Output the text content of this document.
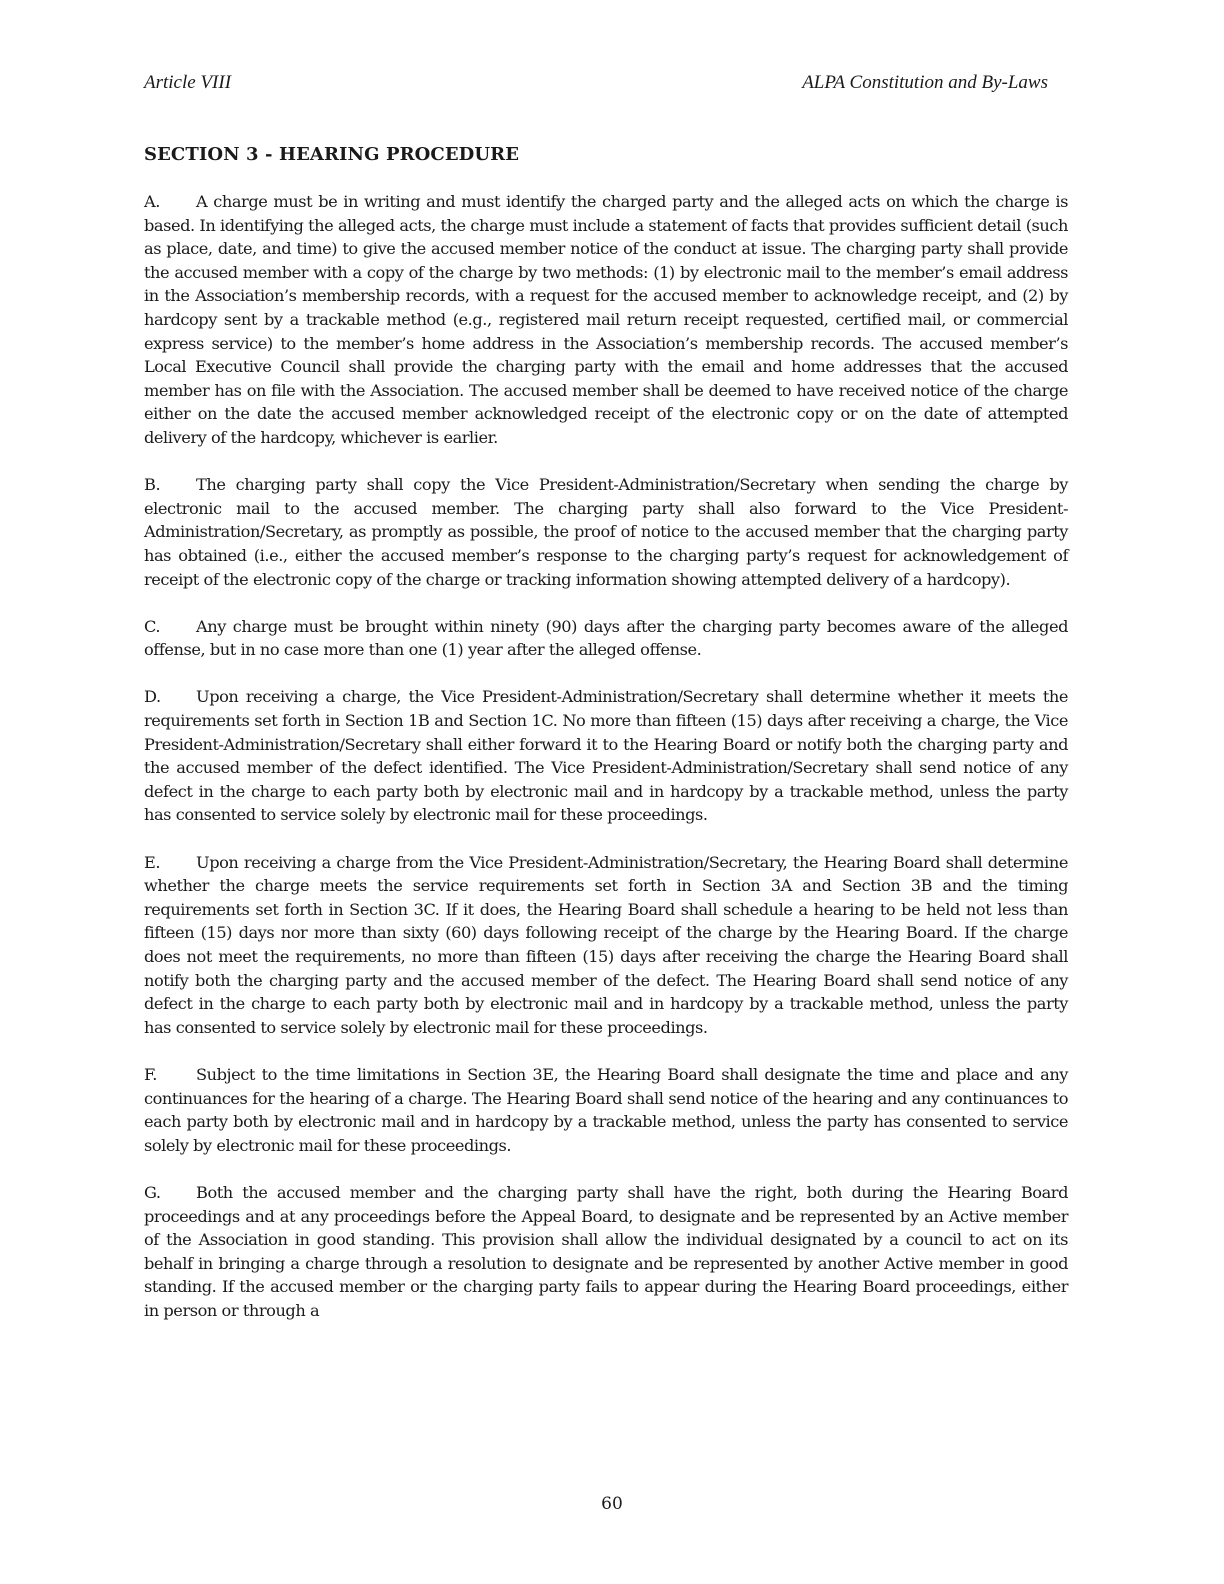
Article VIII	ALPA Constitution and By-Laws
SECTION 3 - HEARING PROCEDURE

A. A charge must be in writing and must identify the charged party and the alleged acts on which the charge is based. In identifying the alleged acts, the charge must include a statement of facts that provides sufficient detail (such as place, date, and time) to give the accused member notice of the conduct at issue. The charging party shall provide the accused member with a copy of the charge by two methods: (1) by electronic mail to the member’s email address in the Association’s membership records, with a request for the accused member to acknowledge receipt, and (2) by hardcopy sent by a trackable method (e.g., registered mail return receipt requested, certified mail, or commercial express service) to the member’s home address in the Association’s membership records. The accused member’s Local Executive Council shall provide the charging party with the email and home addresses that the accused member has on file with the Association. The accused member shall be deemed to have received notice of the charge either on the date the accused member acknowledged receipt of the electronic copy or on the date of attempted delivery of the hardcopy, whichever is earlier.

B. The charging party shall copy the Vice President-Administration/Secretary when sending the charge by electronic mail to the accused member. The charging party shall also forward to the Vice President-Administration/Secretary, as promptly as possible, the proof of notice to the accused member that the charging party has obtained (i.e., either the accused member’s response to the charging party’s request for acknowledgement of receipt of the electronic copy of the charge or tracking information showing attempted delivery of a hardcopy).

C. Any charge must be brought within ninety (90) days after the charging party becomes aware of the alleged offense, but in no case more than one (1) year after the alleged offense.

D. Upon receiving a charge, the Vice President-Administration/Secretary shall determine whether it meets the requirements set forth in Section 1B and Section 1C. No more than fifteen (15) days after receiving a charge, the Vice President-Administration/Secretary shall either forward it to the Hearing Board or notify both the charging party and the accused member of the defect identified. The Vice President-Administration/Secretary shall send notice of any defect in the charge to each party both by electronic mail and in hardcopy by a trackable method, unless the party has consented to service solely by electronic mail for these proceedings.

E. Upon receiving a charge from the Vice President-Administration/Secretary, the Hearing Board shall determine whether the charge meets the service requirements set forth in Section 3A and Section 3B and the timing requirements set forth in Section 3C. If it does, the Hearing Board shall schedule a hearing to be held not less than fifteen (15) days nor more than sixty (60) days following receipt of the charge by the Hearing Board. If the charge does not meet the requirements, no more than fifteen (15) days after receiving the charge the Hearing Board shall notify both the charging party and the accused member of the defect. The Hearing Board shall send notice of any defect in the charge to each party both by electronic mail and in hardcopy by a trackable method, unless the party has consented to service solely by electronic mail for these proceedings.

F. Subject to the time limitations in Section 3E, the Hearing Board shall designate the time and place and any continuances for the hearing of a charge. The Hearing Board shall send notice of the hearing and any continuances to each party both by electronic mail and in hardcopy by a trackable method, unless the party has consented to service solely by electronic mail for these proceedings.

G. Both the accused member and the charging party shall have the right, both during the Hearing Board proceedings and at any proceedings before the Appeal Board, to designate and be represented by an Active member of the Association in good standing. This provision shall allow the individual designated by a council to act on its behalf in bringing a charge through a resolution to designate and be represented by another Active member in good standing. If the accused member or the charging party fails to appear during the Hearing Board proceedings, either in person or through a

60
